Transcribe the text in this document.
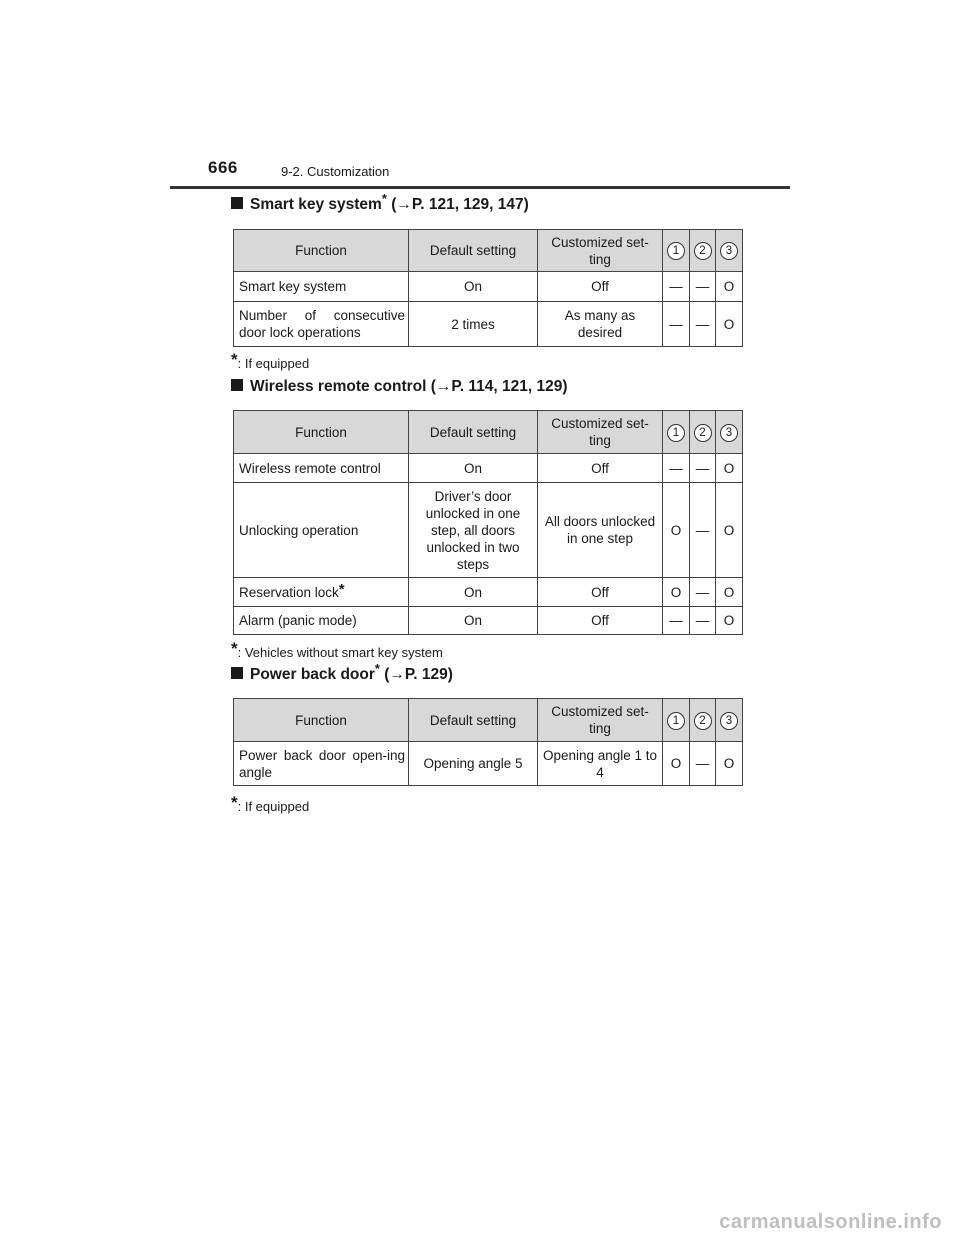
666	9-2. Customization
Smart key system* (→P. 121, 129, 147)
Function	Default setting	Customized set-ting	1	2	3
Smart key system	On	Off	—	—	O
Number of consecutive door lock operations	2 times	As many as desired	—	—	O
*: If equipped
Wireless remote control (→P. 114, 121, 129)
Function	Default setting	Customized set-ting	1	2	3
Wireless remote control	On	Off	—	—	O
Unlocking operation	Driver’s door unlocked in one step, all doors unlocked in two steps	All doors unlocked in one step	O	—	O
Reservation lock*	On	Off	O	—	O
Alarm (panic mode)	On	Off	—	—	O
*: Vehicles without smart key system
Power back door* (→P. 129)
Function	Default setting	Customized set-ting	1	2	3
Power back door open-ing angle	Opening angle 5	Opening angle 1 to 4	O	—	O
*: If equipped
carmanualsonline.info
